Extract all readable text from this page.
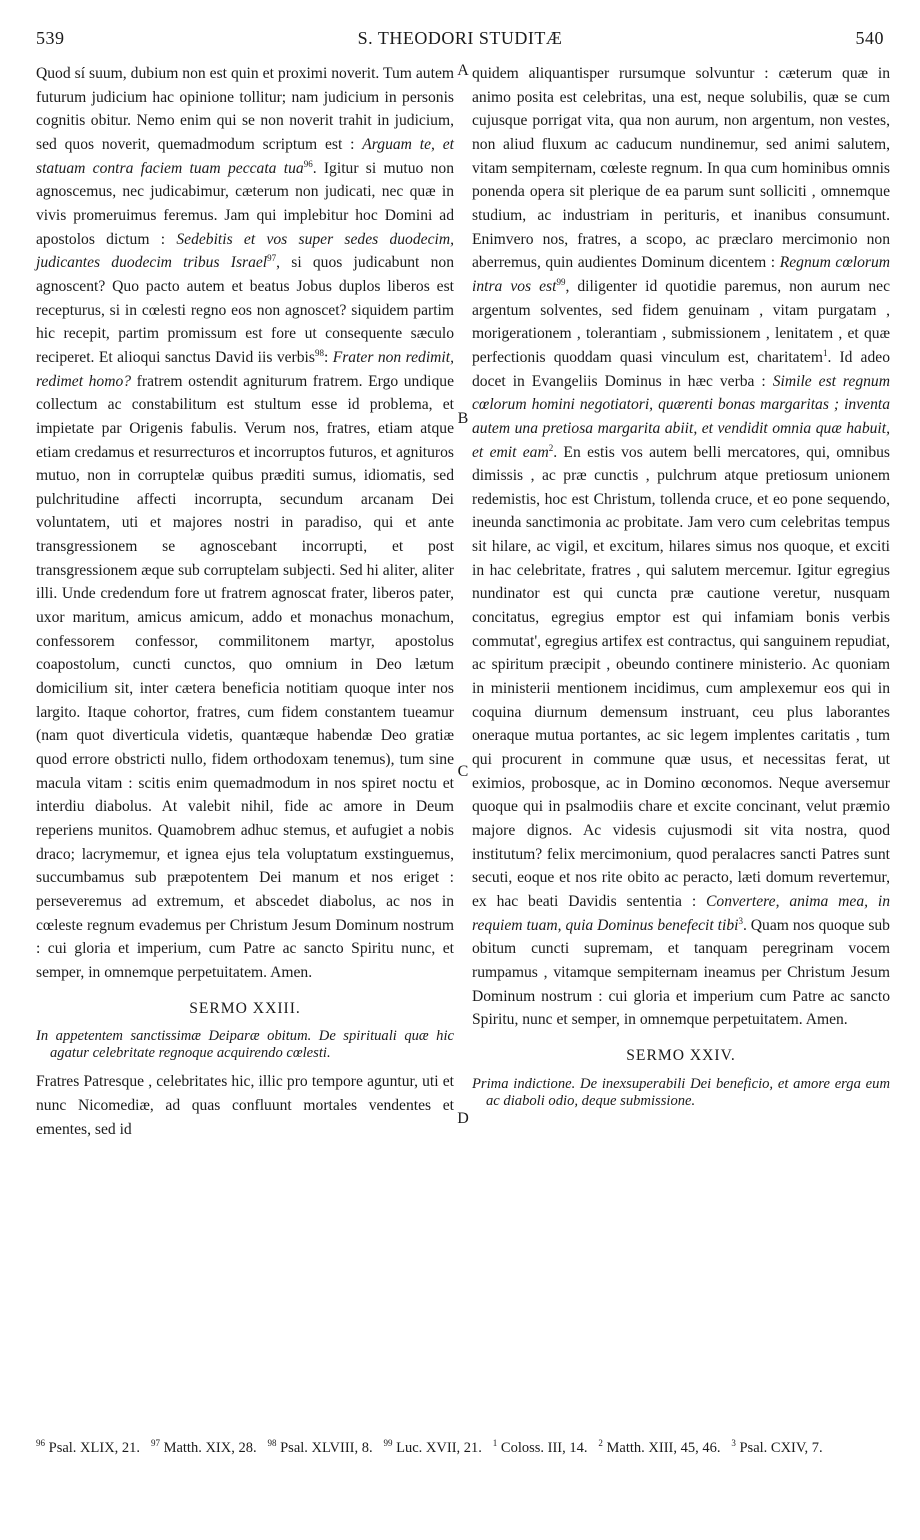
539	S. THEODORI STUDITÆ	540
A
B
C
D

Quod sí suum, dubium non est quin et proximi noverit. Tum autem futurum judicium hac opinione tollitur; nam judicium in personis cognitis obitur. Nemo enim qui se non noverit trahit in judicium, sed quos noverit, quemadmodum scriptum est : Arguam te, et statuam contra faciem tuam peccata tua$^{96}$. Igitur si mutuo non agnoscemus, nec judicabimur, cæterum non judicati, nec quæ in vivis promeruimus feremus. Jam qui implebitur hoc Domini ad apostolos dictum : Sedebitis et vos super sedes duodecim, judicantes duodecim tribus Israel$^{97}$, si quos judicabunt non agnoscent? Quo pacto autem et beatus Jobus duplos liberos est recepturus, si in cœlesti regno eos non agnoscet? siquidem partim hic recepit, partim promissum est fore ut consequente sæculo reciperet. Et alioqui sanctus David iis verbis$^{98}$: Frater non redimit, redimet homo? fratrem ostendit agniturum fratrem. Ergo undique collectum ac constabilitum est stultum esse id problema, et impietate par Origenis fabulis. Verum nos, fratres, etiam atque etiam credamus et resurrecturos et incorruptos futuros, et agnituros mutuo, non in corruptelæ quibus præditi sumus, idiomatis, sed pulchritudine affecti incorrupta, secundum arcanam Dei voluntatem, uti et majores nostri in paradiso, qui et ante transgressionem se agnoscebant incorrupti, et post transgressionem æque sub corruptelam subjecti. Sed hi aliter, aliter illi. Unde credendum fore ut fratrem agnoscat frater, liberos pater, uxor maritum, amicus amicum, addo et monachus monachum, confessorem confessor, commilitonem martyr, apostolus coapostolum, cuncti cunctos, quo omnium in Deo lætum domicilium sit, inter cætera beneficia notitiam quoque inter nos largito. Itaque cohortor, fratres, cum fidem constantem tueamur (nam quot diverticula videtis, quantæque habendæ Deo gratiæ quod errore obstricti nullo, fidem orthodoxam tenemus), tum sine macula vitam : scitis enim quemadmodum in nos spiret noctu et interdiu diabolus. At valebit nihil, fide ac amore in Deum reperiens munitos. Quamobrem adhuc stemus, et aufugiet a nobis draco; lacrymemur, et ignea ejus tela voluptatum exstinguemus, succumbamus sub præpotentem Dei manum et nos eriget : perseveremus ad extremum, et abscedet diabolus, ac nos in cœleste regnum evademus per Christum Jesum Dominum nostrum : cui gloria et imperium, cum Patre ac sancto Spiritu nunc, et semper, in omnemque perpetuitatem. Amen.

SERMO XXIII.
In appetentem sanctissimæ Deiparæ obitum. De spirituali quæ hic agatur celebritate regnoque acquirendo cœlesti.

Fratres Patresque , celebritates hic, illic pro tempore aguntur, uti et nunc Nicomediæ, ad quas confluunt mortales vendentes et ementes, sed id

quidem aliquantisper rursumque solvuntur : cæterum quæ in animo posita est celebritas, una est, neque solubilis, quæ se cum cujusque porrigat vita, qua non aurum, non argentum, non vestes, non aliud fluxum ac caducum nundinemur, sed animi salutem, vitam sempiternam, cœleste regnum. In qua cum hominibus omnis ponenda opera sit plerique de ea parum sunt solliciti , omnemque studium, ac industriam in perituris, et inanibus consumunt. Enimvero nos, fratres, a scopo, ac præclaro mercimonio non aberremus, quin audientes Dominum dicentem : Regnum cœlorum intra vos est$^{99}$, diligenter id quotidie paremus, non aurum nec argentum solventes, sed fidem genuinam , vitam purgatam , morigerationem , tolerantiam , submissionem , lenitatem , et quæ perfectionis quoddam quasi vinculum est, charitatem$^1$. Id adeo docet in Evangeliis Dominus in hæc verba : Simile est regnum cœlorum homini negotiatori, quærenti bonas margaritas ; inventa autem una pretiosa margarita abiit, et vendidit omnia quæ habuit, et emit eam$^2$. En estis vos autem belli mercatores, qui, omnibus dimissis , ac præ cunctis , pulchrum atque pretiosum unionem redemistis, hoc est Christum, tollenda cruce, et eo pone sequendo, ineunda sanctimonia ac probitate. Jam vero cum celebritas tempus sit hilare, ac vigil, et excitum, hilares simus nos quoque, et exciti in hac celebritate, fratres , qui salutem mercemur. Igitur egregius nundinator est qui cuncta præ cautione veretur, nusquam concitatus, egregius emptor est qui infamiam bonis verbis commutat', egregius artifex est contractus, qui sanguinem repudiat, ac spiritum præcipit , obeundo continere ministerio. Ac quoniam in ministerii mentionem incidimus, cum amplexemur eos qui in coquina diurnum demensum instruant, ceu plus laborantes oneraque mutua portantes, ac sic legem implentes caritatis , tum qui procurent in commune quæ usus, et necessitas ferat, ut eximios, probosque, ac in Domino œconomos. Neque aversemur quoque qui in psalmodiis chare et excite concinant, velut præmio majore dignos. Ac videsis cujusmodi sit vita nostra, quod institutum? felix mercimonium, quod peralacres sancti Patres sunt secuti, eoque et nos rite obito ac peracto, læti domum revertemur, ex hac beati Davidis sententia : Convertere, anima mea, in requiem tuam, quia Dominus benefecit tibi$^3$. Quam nos quoque sub obitum cuncti supremam, et tanquam peregrinam vocem rumpamus , vitamque sempiternam ineamus per Christum Jesum Dominum nostrum : cui gloria et imperium cum Patre ac sancto Spiritu, nunc et semper, in omnemque perpetuitatem. Amen.

SERMO XXIV.
Prima indictione. De inexsuperabili Dei beneficio, et amore erga eum ac diaboli odio, deque submissione.
$^{96}$ Psal. XLIX, 21. $^{97}$ Matth. XIX, 28. $^{98}$ Psal. XLVIII, 8. $^{99}$ Luc. XVII, 21. $^1$ Coloss. III, 14. $^2$ Matth. XIII, 45, 46. $^3$ Psal. CXIV, 7.
